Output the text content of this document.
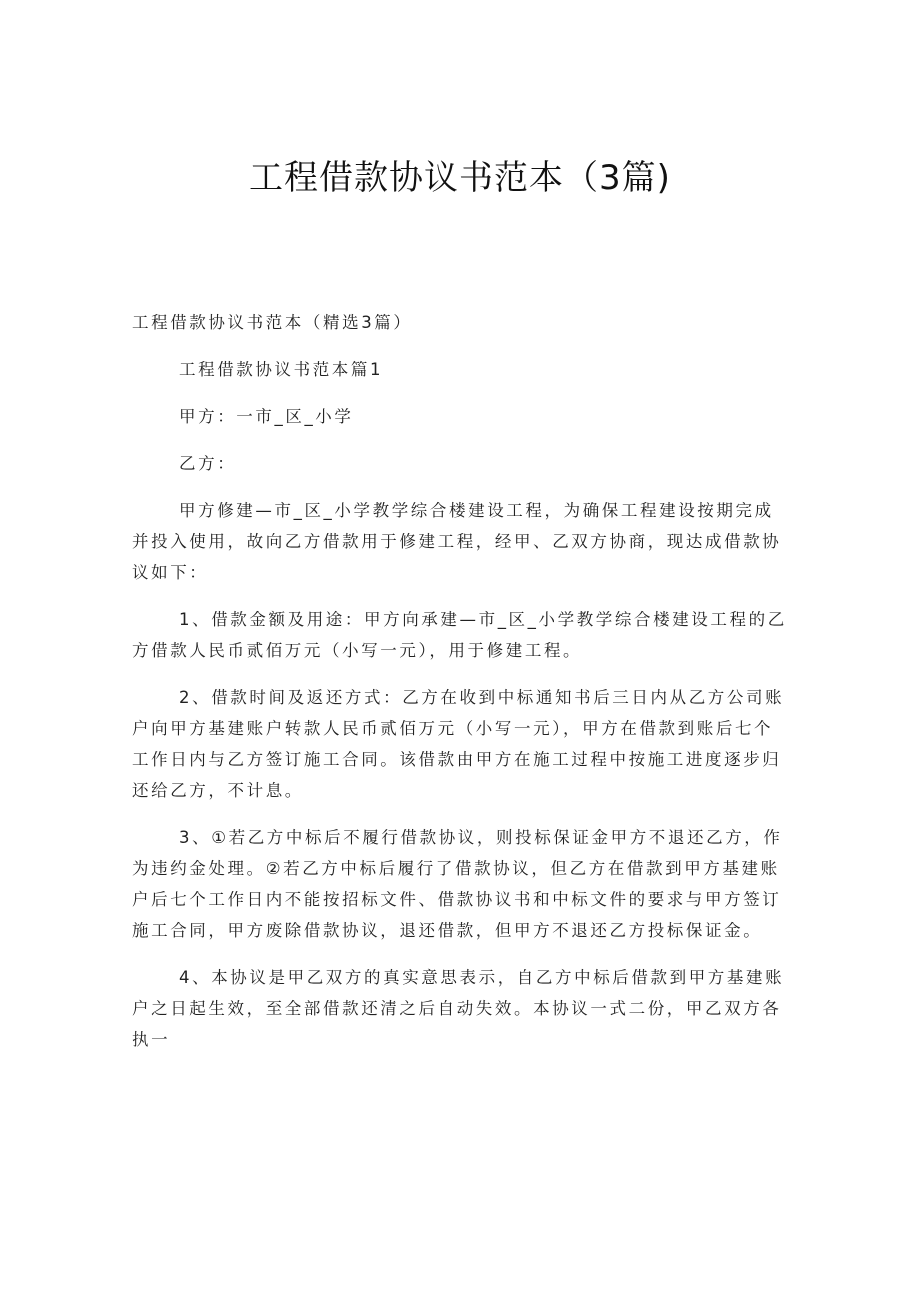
工程借款协议书范本（3篇)

工程借款协议书范本（精选3篇）

工程借款协议书范本篇1

甲方：一市_区_小学

乙方：

甲方修建—市_区_小学教学综合楼建设工程，为确保工程建设按期完成并投入使用，故向乙方借款用于修建工程，经甲、乙双方协商，现达成借款协议如下：

1、借款金额及用途：甲方向承建—市_区_小学教学综合楼建设工程的乙方借款人民币贰佰万元（小写一元），用于修建工程。

2、借款时间及返还方式：乙方在收到中标通知书后三日内从乙方公司账户向甲方基建账户转款人民币贰佰万元（小写一元），甲方在借款到账后七个工作日内与乙方签订施工合同。该借款由甲方在施工过程中按施工进度逐步归还给乙方，不计息。

3、①若乙方中标后不履行借款协议，则投标保证金甲方不退还乙方，作为违约金处理。②若乙方中标后履行了借款协议，但乙方在借款到甲方基建账户后七个工作日内不能按招标文件、借款协议书和中标文件的要求与甲方签订施工合同，甲方废除借款协议，退还借款，但甲方不退还乙方投标保证金。

4、本协议是甲乙双方的真实意思表示，自乙方中标后借款到甲方基建账户之日起生效，至全部借款还清之后自动失效。本协议一式二份，甲乙双方各执一
